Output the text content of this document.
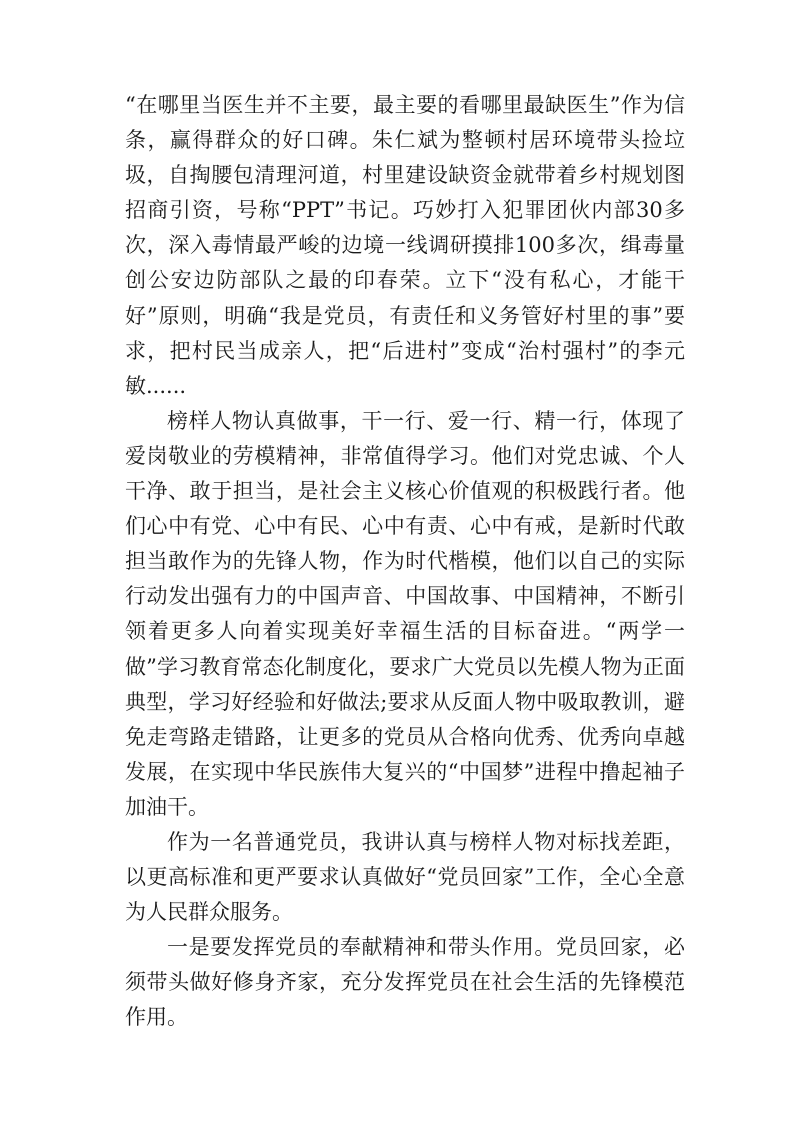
“在哪里当医生并不主要，最主要的看哪里最缺医生”作为信条，赢得群众的好口碑。朱仁斌为整顿村居环境带头捡垃圾，自掏腰包清理河道，村里建设缺资金就带着乡村规划图招商引资，号称“PPT”书记。巧妙打入犯罪团伙内部30多次，深入毒情最严峻的边境一线调研摸排100多次，缉毒量创公安边防部队之最的印春荣。立下“没有私心，才能干好”原则，明确“我是党员，有责任和义务管好村里的事”要求，把村民当成亲人，把“后进村”变成“治村强村”的李元敏......

榜样人物认真做事，干一行、爱一行、精一行，体现了爱岗敬业的劳模精神，非常值得学习。他们对党忠诚、个人干净、敢于担当，是社会主义核心价值观的积极践行者。他们心中有党、心中有民、心中有责、心中有戒，是新时代敢担当敢作为的先锋人物，作为时代楷模，他们以自己的实际行动发出强有力的中国声音、中国故事、中国精神，不断引领着更多人向着实现美好幸福生活的目标奋进。“两学一做”学习教育常态化制度化，要求广大党员以先模人物为正面典型，学习好经验和好做法;要求从反面人物中吸取教训，避免走弯路走错路，让更多的党员从合格向优秀、优秀向卓越发展，在实现中华民族伟大复兴的“中国梦”进程中撸起袖子加油干。

作为一名普通党员，我讲认真与榜样人物对标找差距，以更高标准和更严要求认真做好“党员回家”工作，全心全意为人民群众服务。

一是要发挥党员的奉献精神和带头作用。党员回家，必须带头做好修身齐家，充分发挥党员在社会生活的先锋模范作用。
